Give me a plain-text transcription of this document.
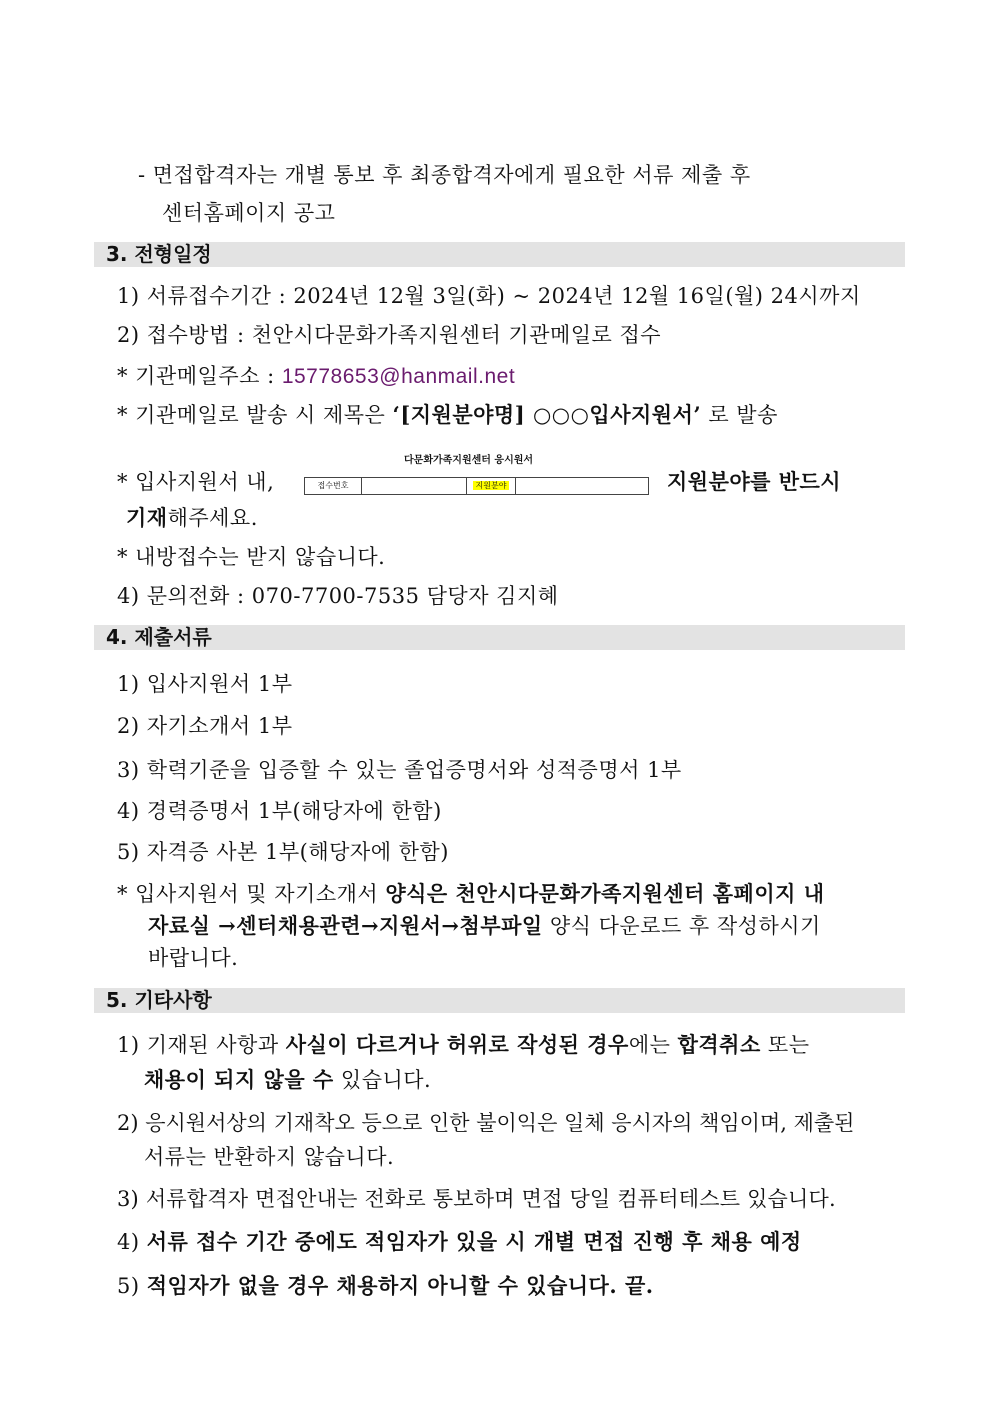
- 면접합격자는 개별 통보 후 최종합격자에게 필요한 서류 제출 후
센터홈페이지 공고
3. 전형일정
1) 서류접수기간 : 2024년 12월 3일(화) ~ 2024년 12월 16일(월) 24시까지
2) 접수방법 : 천안시다문화가족지원센터 기관메일로 접수
* 기관메일주소 : 15778653@hanmail.net
* 기관메일로 발송 시 제목은 ‘[지원분야명] ○○○입사지원서’ 로 발송
* 입사지원서 내,
다문화가족지원센터 응시원서
접수번호	지원분야	지원분야를 반드시
기재해주세요.
* 내방접수는 받지 않습니다.
4) 문의전화 : 070-7700-7535 담당자 김지혜
4. 제출서류
1) 입사지원서 1부
2) 자기소개서 1부
3) 학력기준을 입증할 수 있는 졸업증명서와 성적증명서 1부
4) 경력증명서 1부(해당자에 한함)
5) 자격증 사본 1부(해당자에 한함)
* 입사지원서 및 자기소개서 양식은 천안시다문화가족지원센터 홈페이지 내
자료실 →센터채용관련→지원서→첨부파일 양식 다운로드 후 작성하시기
바랍니다.
5. 기타사항
1) 기재된 사항과 사실이 다르거나 허위로 작성된 경우에는 합격취소 또는
채용이 되지 않을 수 있습니다.
2) 응시원서상의 기재착오 등으로 인한 불이익은 일체 응시자의 책임이며, 제출된
서류는 반환하지 않습니다.
3) 서류합격자 면접안내는 전화로 통보하며 면접 당일 컴퓨터테스트 있습니다.
4) 서류 접수 기간 중에도 적임자가 있을 시 개별 면접 진행 후 채용 예정
5) 적임자가 없을 경우 채용하지 아니할 수 있습니다. 끝.
